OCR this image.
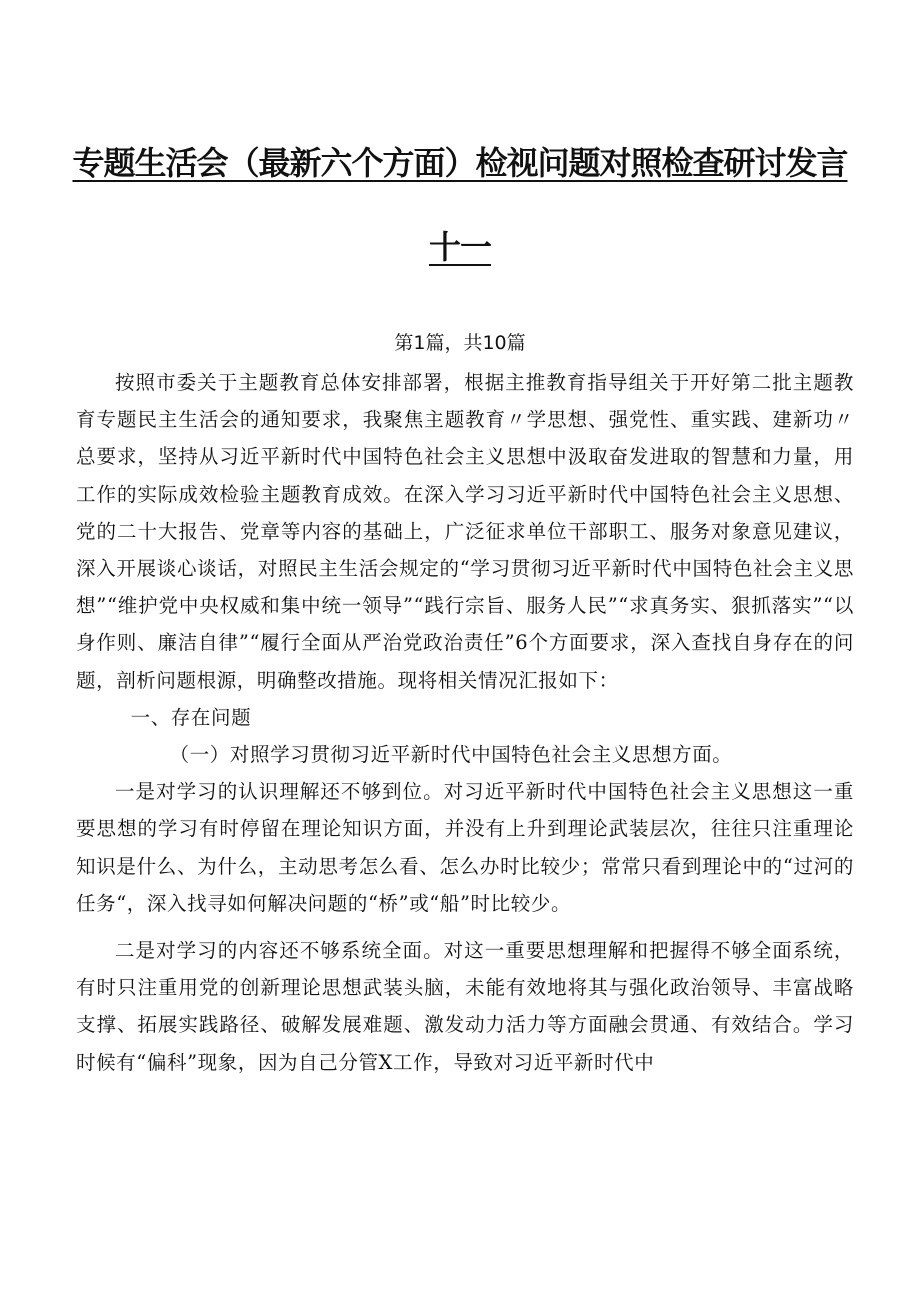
专题生活会（最新六个方面）检视问题对照检查研讨发言
十一
第1篇，共10篇

按照市委关于主题教育总体安排部署，根据主推教育指导组关于开好第二批主题教育专题民主生活会的通知要求，我聚焦主题教育〃学思想、强党性、重实践、建新功〃总要求，坚持从习近平新时代中国特色社会主义思想中汲取奋发进取的智慧和力量，用工作的实际成效检验主题教育成效。在深入学习习近平新时代中国特色社会主义思想、党的二十大报告、党章等内容的基础上，广泛征求单位干部职工、服务对象意见建议，深入开展谈心谈话，对照民主生活会规定的“学习贯彻习近平新时代中国特色社会主义思想”“维护党中央权威和集中统一领导”“践行宗旨、服务人民”“求真务实、狠抓落实”“以身作则、廉洁自律”“履行全面从严治党政治责任”6个方面要求，深入查找自身存在的问题，剖析问题根源，明确整改措施。现将相关情况汇报如下：

一、存在问题

（一）对照学习贯彻习近平新时代中国特色社会主义思想方面。

一是对学习的认识理解还不够到位。对习近平新时代中国特色社会主义思想这一重要思想的学习有时停留在理论知识方面，并没有上升到理论武装层次，往往只注重理论知识是什么、为什么，主动思考怎么看、怎么办时比较少；常常只看到理论中的“过河的任务“，深入找寻如何解决问题的“桥”或“船”时比较少。

二是对学习的内容还不够系统全面。对这一重要思想理解和把握得不够全面系统，有时只注重用党的创新理论思想武装头脑，未能有效地将其与强化政治领导、丰富战略支撑、拓展实践路径、破解发展难题、激发动力活力等方面融会贯通、有效结合。学习时候有“偏科”现象，因为自己分管X工作，导致对习近平新时代中
